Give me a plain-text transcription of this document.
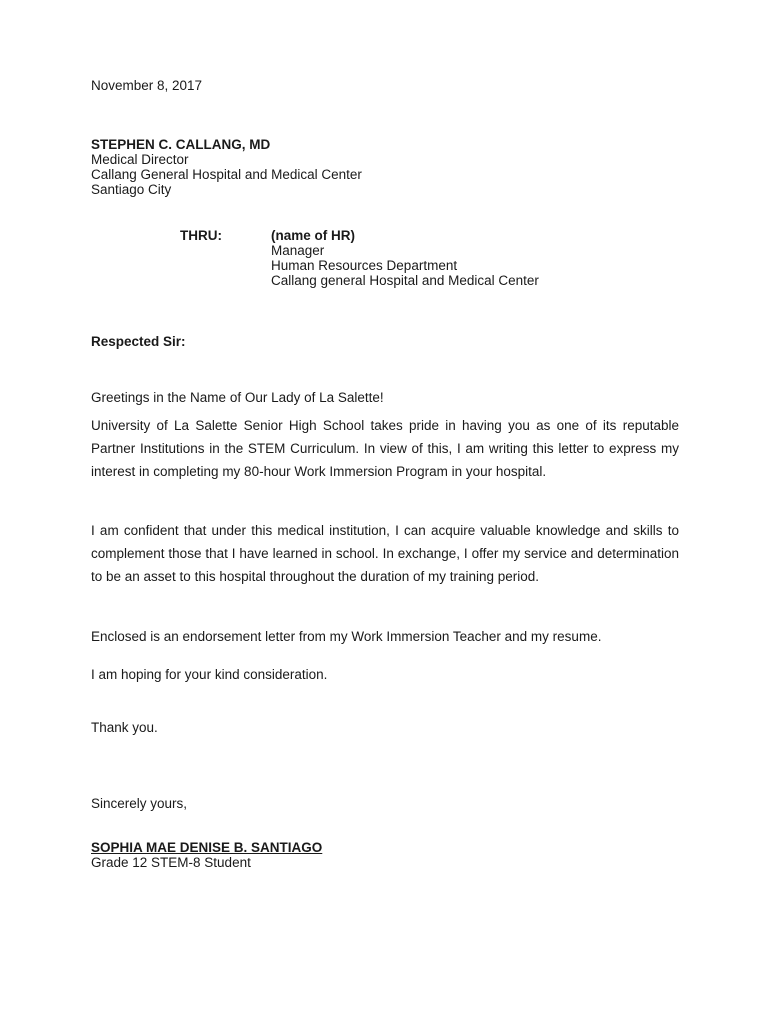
November 8, 2017
STEPHEN C. CALLANG, MD
Medical Director
Callang General Hospital and Medical Center
Santiago City
THRU:	(name of HR)
Manager
Human Resources Department
Callang general Hospital and Medical Center
Respected Sir:
Greetings in the Name of Our Lady of La Salette!
University of La Salette Senior High School takes pride in having you as one of its reputable Partner Institutions in the STEM Curriculum. In view of this, I am writing this letter to express my interest in completing my 80-hour Work Immersion Program in your hospital.
I am confident that under this medical institution, I can acquire valuable knowledge and skills to complement those that I have learned in school. In exchange, I offer my service and determination to be an asset to this hospital throughout the duration of my training period.
Enclosed is an endorsement letter from my Work Immersion Teacher and my resume.
I am hoping for your kind consideration.
Thank you.
Sincerely yours,
SOPHIA MAE DENISE B. SANTIAGO
Grade 12 STEM-8 Student
